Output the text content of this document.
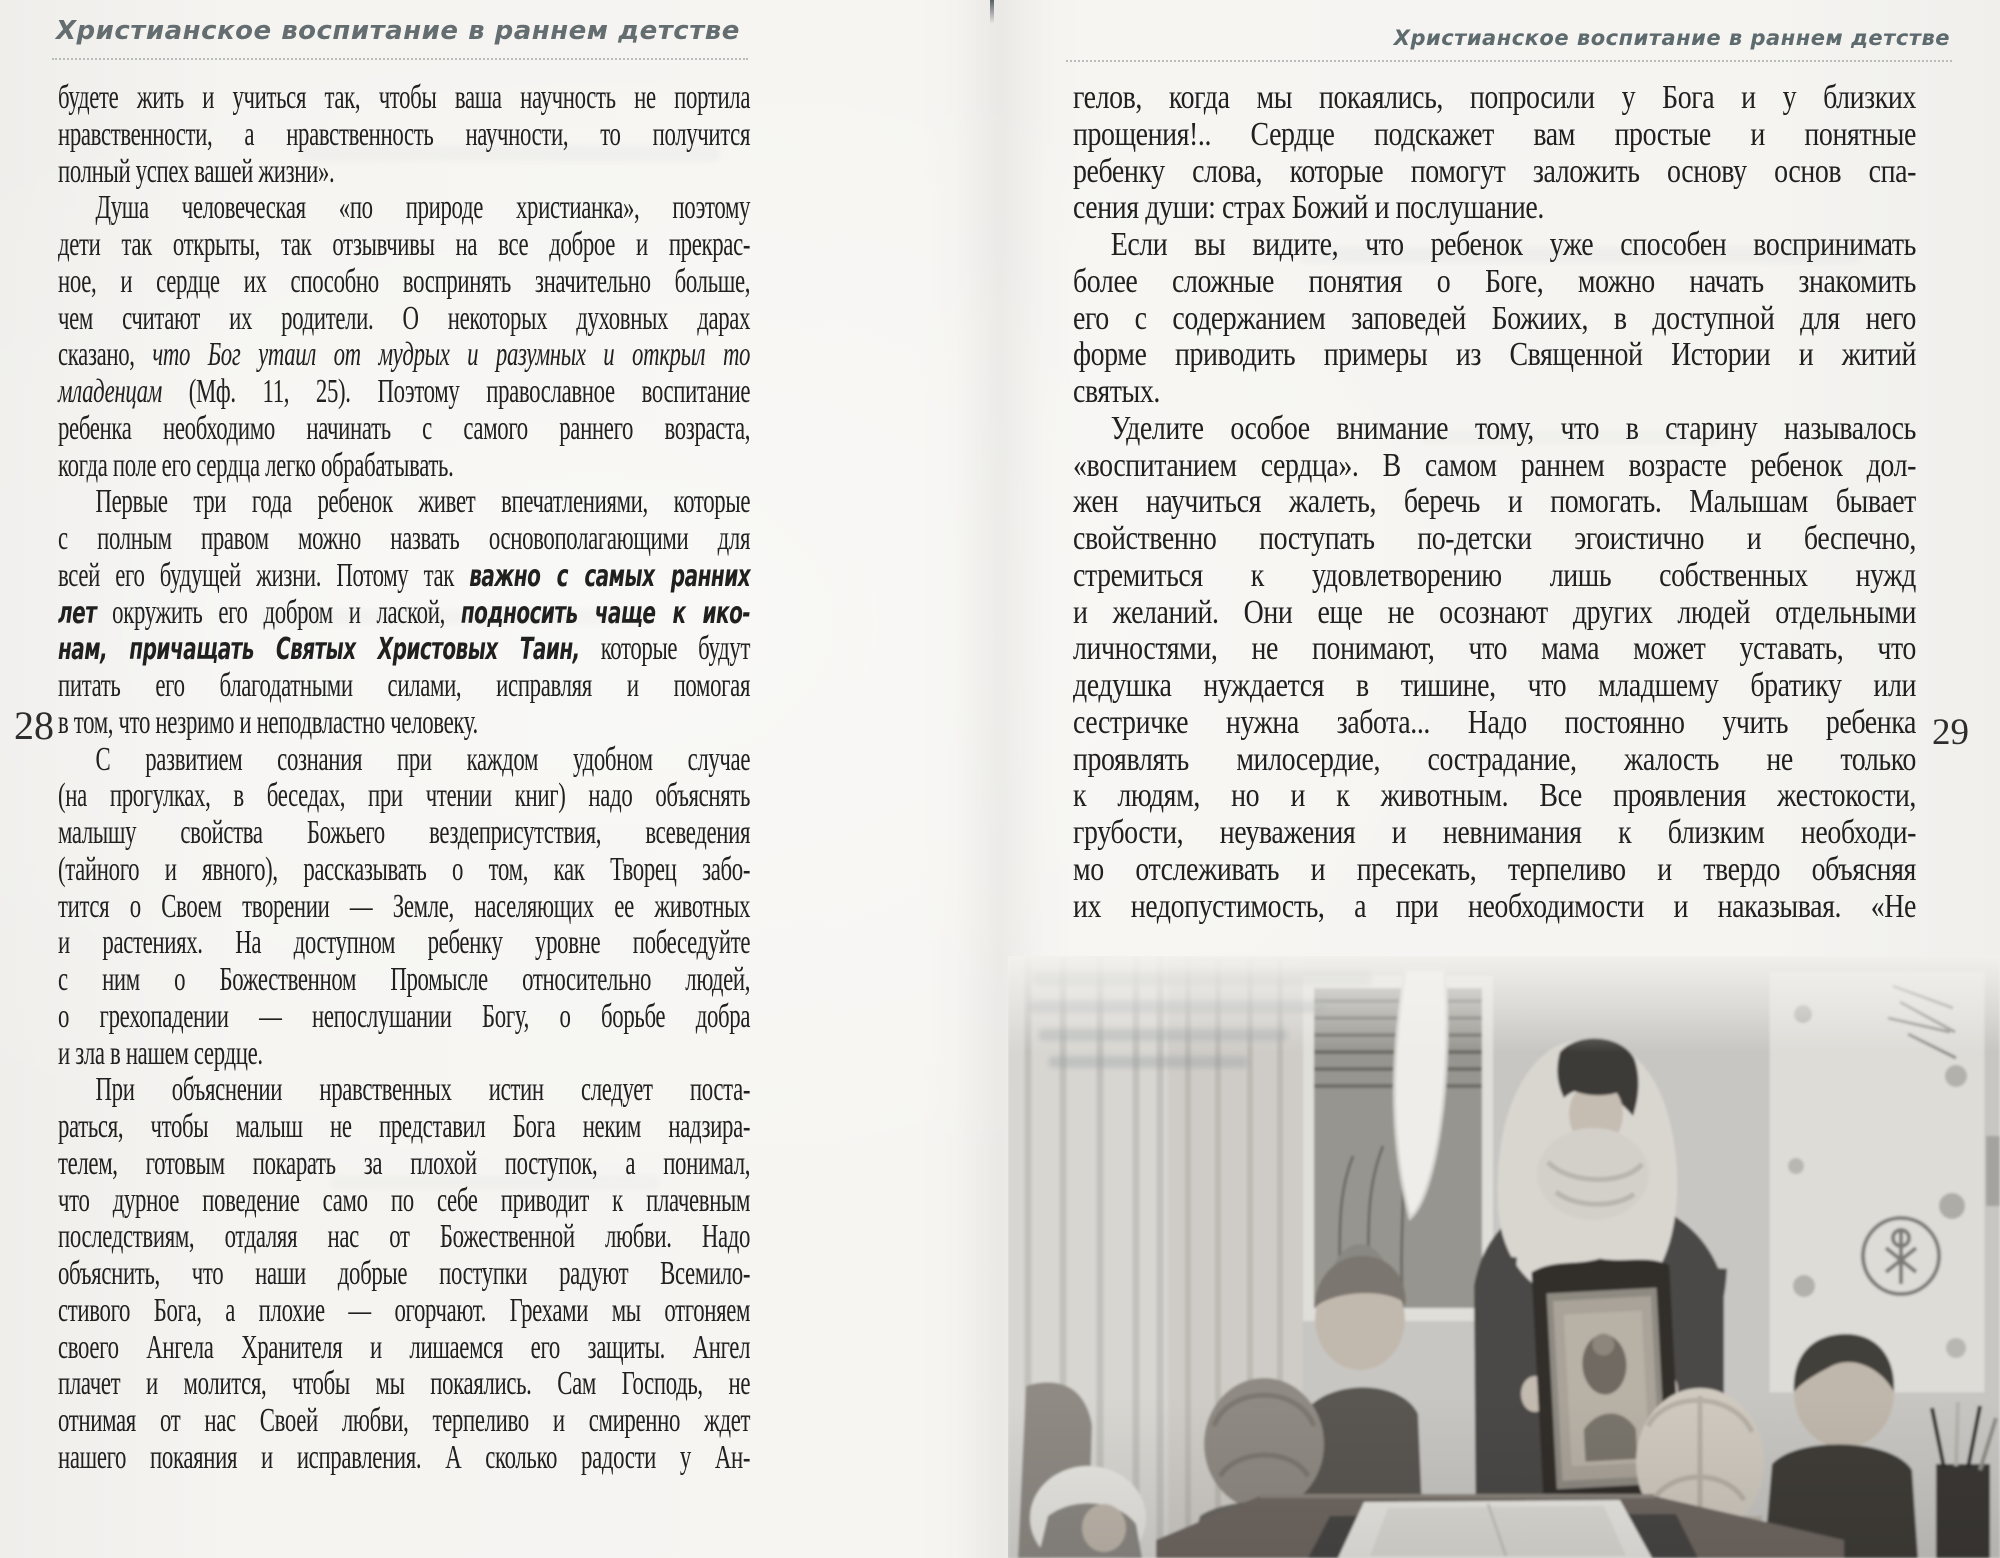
Христианское воспитание в раннем детстве	Христианское воспитание в раннем детстве
28	29
будете жить и учиться так, чтобы ваша научность не портила
нравственности, а нравственность научности, то получится
полный успех вашей жизни».
Душа человеческая «по природе христианка», поэтому
дети так открыты, так отзывчивы на все доброе и прекрас-
ное, и сердце их способно воспринять значительно больше,
чем считают их родители. О некоторых духовных дарах
сказано, что Бог утаил от мудрых и разумных и открыл то
младенцам (Мф. 11, 25). Поэтому православное воспитание
ребенка необходимо начинать с самого раннего возраста,
когда поле его сердца легко обрабатывать.
Первые три года ребенок живет впечатлениями, которые
с полным правом можно назвать основополагающими для
всей его будущей жизни. Потому так важно с самых ранних
лет окружить его добром и лаской, подносить чаще к ико-
нам, причащать Святых Христовых Таин, которые будут
питать его благодатными силами, исправляя и помогая
в том, что незримо и неподвластно человеку.
С развитием сознания при каждом удобном случае
(на прогулках, в беседах, при чтении книг) надо объяснять
малышу свойства Божьего вездеприсутствия, всеведения
(тайного и явного), рассказывать о том, как Творец забо-
тится о Своем творении — Земле, населяющих ее животных
и растениях. На доступном ребенку уровне побеседуйте
с ним о Божественном Промысле относительно людей,
о грехопадении — непослушании Богу, о борьбе добра
и зла в нашем сердце.
При объяснении нравственных истин следует поста-
раться, чтобы малыш не представил Бога неким надзира-
телем, готовым покарать за плохой поступок, а понимал,
что дурное поведение само по себе приводит к плачевным
последствиям, отдаляя нас от Божественной любви. Надо
объяснить, что наши добрые поступки радуют Всемило-
стивого Бога, а плохие — огорчают. Грехами мы отгоняем
своего Ангела Хранителя и лишаемся его защиты. Ангел
плачет и молится, чтобы мы покаялись. Сам Господь, не
отнимая от нас Своей любви, терпеливо и смиренно ждет
нашего покаяния и исправления. А сколько радости у Ан-
гелов, когда мы покаялись, попросили у Бога и у близких
прощения!.. Сердце подскажет вам простые и понятные
ребенку слова, которые помогут заложить основу основ спа-
сения души: страх Божий и послушание.
Если вы видите, что ребенок уже способен воспринимать
более сложные понятия о Боге, можно начать знакомить
его с содержанием заповедей Божиих, в доступной для него
форме приводить примеры из Священной Истории и житий
святых.
Уделите особое внимание тому, что в старину называлось
«воспитанием сердца». В самом раннем возрасте ребенок дол-
жен научиться жалеть, беречь и помогать. Малышам бывает
свойственно поступать по-детски эгоистично и беспечно,
стремиться к удовлетворению лишь собственных нужд
и желаний. Они еще не осознают других людей отдельными
личностями, не понимают, что мама может уставать, что
дедушка нуждается в тишине, что младшему братику или
сестричке нужна забота... Надо постоянно учить ребенка
проявлять милосердие, сострадание, жалость не только
к людям, но и к животным. Все проявления жестокости,
грубости, неуважения и невнимания к близким необходи-
мо отслеживать и пресекать, терпеливо и твердо объясняя
их недопустимость, а при необходимости и наказывая. «Не
